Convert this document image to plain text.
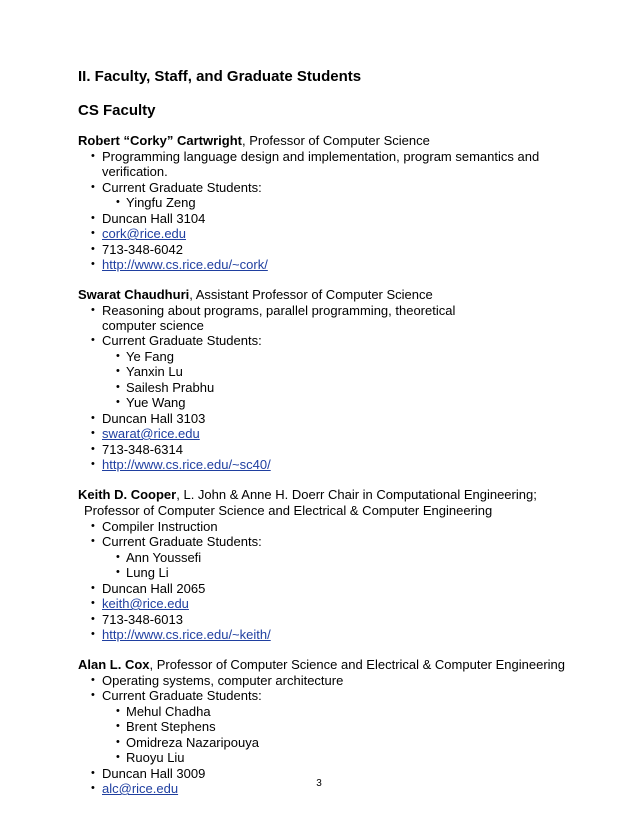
II. Faculty, Staff, and Graduate Students
CS Faculty
Robert “Corky” Cartwright, Professor of Computer Science
• Programming language design and implementation, program semantics and verification.
• Current Graduate Students:
• Yingfu Zeng
• Duncan Hall 3104
• cork@rice.edu
• 713-348-6042
• http://www.cs.rice.edu/~cork/
Swarat Chaudhuri, Assistant Professor of Computer Science
• Reasoning about programs, parallel programming, theoretical computer science
• Current Graduate Students:
• Ye Fang
• Yanxin Lu
• Sailesh Prabhu
• Yue Wang
• Duncan Hall 3103
• swarat@rice.edu
• 713-348-6314
• http://www.cs.rice.edu/~sc40/
Keith D. Cooper, L. John & Anne H. Doerr Chair in Computational Engineering;
Professor of Computer Science and Electrical & Computer Engineering
• Compiler Instruction
• Current Graduate Students:
• Ann Youssefi
• Lung Li
• Duncan Hall 2065
• keith@rice.edu
• 713-348-6013
• http://www.cs.rice.edu/~keith/
Alan L. Cox, Professor of Computer Science and Electrical & Computer Engineering
• Operating systems, computer architecture
• Current Graduate Students:
• Mehul Chadha
• Brent Stephens
• Omidreza Nazaripouya
• Ruoyu Liu
• Duncan Hall 3009
• alc@rice.edu	3
